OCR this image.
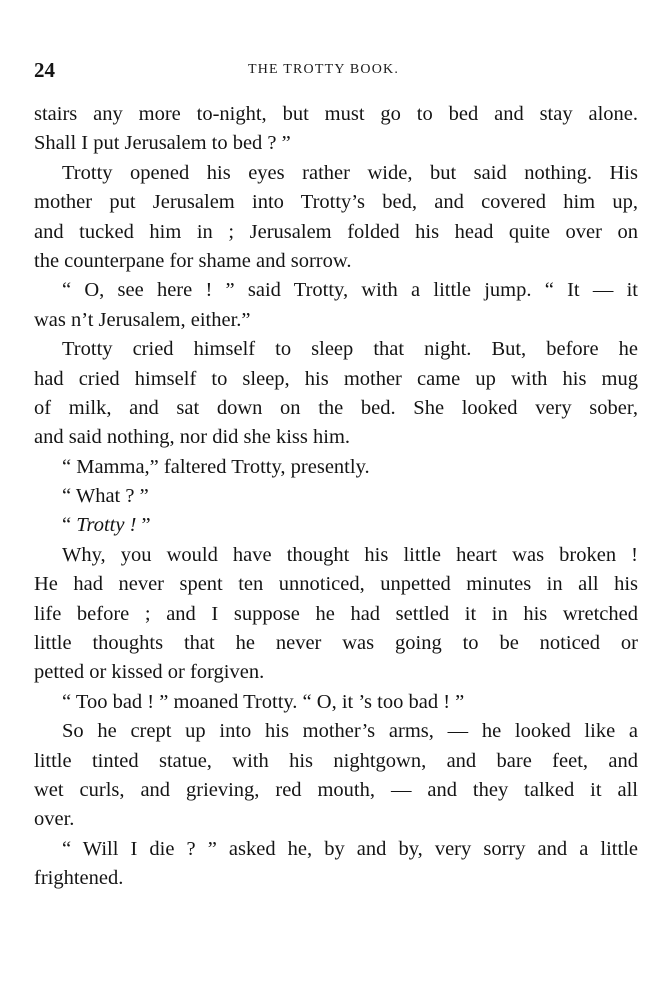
24	THE TROTTY BOOK.
stairs any more to-night, but must go to bed and stay alone.
Shall I put Jerusalem to bed ? ”
Trotty opened his eyes rather wide, but said nothing. His
mother put Jerusalem into Trotty’s bed, and covered him up,
and tucked him in ; Jerusalem folded his head quite over on
the counterpane for shame and sorrow.
“ O, see here ! ” said Trotty, with a little jump. “ It — it
was n’t Jerusalem, either.”
Trotty cried himself to sleep that night. But, before he
had cried himself to sleep, his mother came up with his mug
of milk, and sat down on the bed. She looked very sober,
and said nothing, nor did she kiss him.
“ Mamma,” faltered Trotty, presently.
“ What ? ”
“ Trotty ! ”
Why, you would have thought his little heart was broken !
He had never spent ten unnoticed, unpetted minutes in all his
life before ; and I suppose he had settled it in his wretched
little thoughts that he never was going to be noticed or
petted or kissed or forgiven.
“ Too bad ! ” moaned Trotty. “ O, it ’s too bad ! ”
So he crept up into his mother’s arms, — he looked like a
little tinted statue, with his nightgown, and bare feet, and
wet curls, and grieving, red mouth, — and they talked it all
over.
“ Will I die ? ” asked he, by and by, very sorry and a little
frightened.
